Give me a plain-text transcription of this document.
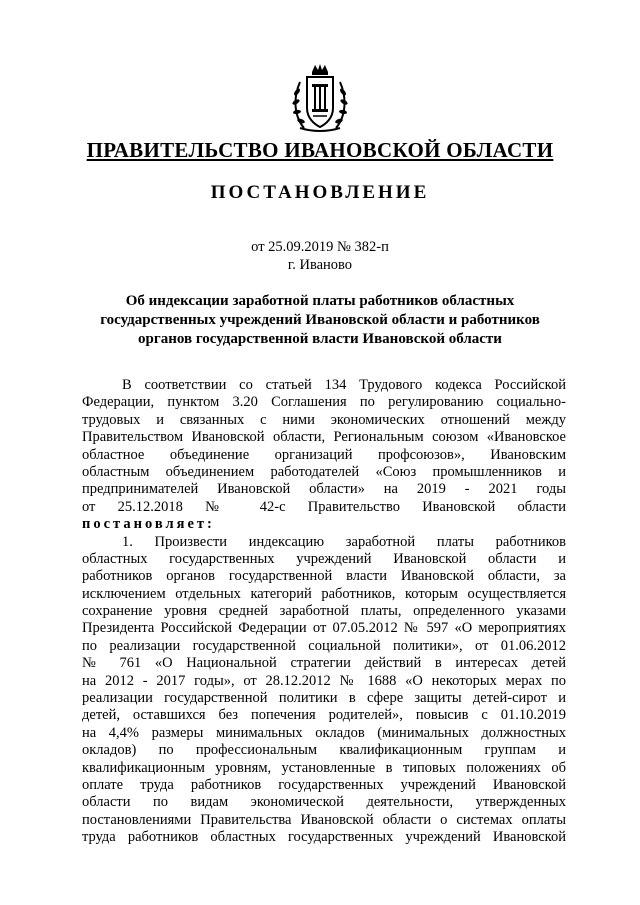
ПРАВИТЕЛЬСТВО ИВАНОВСКОЙ ОБЛАСТИ
ПОСТАНОВЛЕНИЕ
от 25.09.2019 № 382-п
г. Иваново
Об индексации заработной платы работников областных
государственных учреждений Ивановской области и работников
органов государственной власти Ивановской области
В соответствии со статьей 134 Трудового кодекса Российской
Федерации, пунктом 3.20 Соглашения по регулированию социально-
трудовых и связанных с ними экономических отношений между
Правительством Ивановской области, Региональным союзом «Ивановское
областное объединение организаций профсоюзов», Ивановским
областным объединением работодателей «Союз промышленников и
предпринимателей Ивановской области» на 2019 - 2021 годы
от 25.12.2018 № 42-с Правительство Ивановской области
постановляет:
1. Произвести индексацию заработной платы работников
областных государственных учреждений Ивановской области и
работников органов государственной власти Ивановской области, за
исключением отдельных категорий работников, которым осуществляется
сохранение уровня средней заработной платы, определенного указами
Президента Российской Федерации от 07.05.2012 № 597 «О мероприятиях
по реализации государственной социальной политики», от 01.06.2012
№ 761 «О Национальной стратегии действий в интересах детей
на 2012 - 2017 годы», от 28.12.2012 № 1688 «О некоторых мерах по
реализации государственной политики в сфере защиты детей-сирот и
детей, оставшихся без попечения родителей», повысив с 01.10.2019
на 4,4% размеры минимальных окладов (минимальных должностных
окладов) по профессиональным квалификационным группам и
квалификационным уровням, установленные в типовых положениях об
оплате труда работников государственных учреждений Ивановской
области по видам экономической деятельности, утвержденных
постановлениями Правительства Ивановской области о системах оплаты
труда работников областных государственных учреждений Ивановской
